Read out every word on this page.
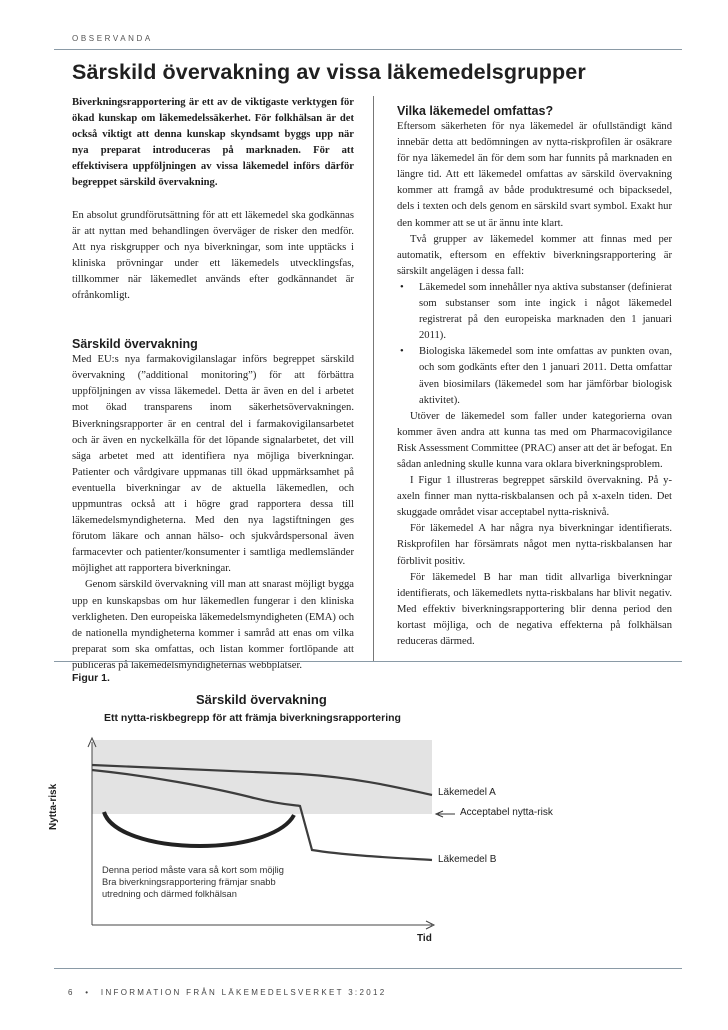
OBSERVANDA
Särskild övervakning av vissa läkemedelsgrupper

Biverkningsrapportering är ett av de viktigaste verktygen för ökad kunskap om läkemedelssäkerhet. För folkhälsan är det också viktigt att denna kunskap skyndsamt byggs upp när nya preparat introduceras på marknaden. För att effektivisera uppföljningen av vissa läkemedel införs därför begreppet särskild övervakning.

En absolut grundförutsättning för att ett läkemedel ska godkännas är att nyttan med behandlingen överväger de risker den medför. Att nya riskgrupper och nya biverkningar, som inte upptäcks i kliniska prövningar under ett läkemedels utvecklingsfas, tillkommer när läkemedlet används efter godkännandet är ofrånkomligt.

Särskild övervakning

Med EU:s nya farmakovigilanslagar införs begreppet särskild övervakning (”additional monitoring”) för att förbättra uppföljningen av vissa läkemedel. Detta är även en del i arbetet mot ökad transparens inom säkerhetsövervakningen. Biverkningsrapporter är en central del i farmakovigilansarbetet och är även en nyckelkälla för det löpande signalarbetet, det vill säga arbetet med att identifiera nya möjliga biverkningar. Patienter och vårdgivare uppmanas till ökad uppmärksamhet på eventuella biverkningar av de aktuella läkemedlen, och uppmuntras också att i högre grad rapportera dessa till läkemedelsmyndigheterna. Med den nya lagstiftningen ges förutom läkare och annan hälso- och sjukvårdspersonal även farmacevter och patienter/konsumenter i samtliga medlemsländer möjlighet att rapportera biverkningar.

Genom särskild övervakning vill man att snarast möjligt bygga upp en kunskapsbas om hur läkemedlen fungerar i den kliniska verkligheten. Den europeiska läkemedelsmyndigheten (EMA) och de nationella myndigheterna kommer i samråd att enas om vilka preparat som ska omfattas, och listan kommer fortlöpande att publiceras på läkemedelsmyndigheternas webbplatser.

Vilka läkemedel omfattas?

Eftersom säkerheten för nya läkemedel är ofullständigt känd innebär detta att bedömningen av nytta-riskprofilen är osäkrare för nya läkemedel än för dem som har funnits på marknaden en längre tid. Att ett läkemedel omfattas av särskild övervakning kommer att framgå av både produktresumé och bipacksedel, dels i texten och dels genom en särskild svart symbol. Exakt hur den kommer att se ut är ännu inte klart.

Två grupper av läkemedel kommer att finnas med per automatik, eftersom en effektiv biverkningsrapportering är särskilt angelägen i dessa fall:

• Läkemedel som innehåller nya aktiva substanser (definierat som substanser som inte ingick i något läkemedel registrerat på den europeiska marknaden den 1 januari 2011).
• Biologiska läkemedel som inte omfattas av punkten ovan, och som godkänts efter den 1 januari 2011. Detta omfattar även biosimilars (läkemedel som har jämförbar biologisk aktivitet).

Utöver de läkemedel som faller under kategorierna ovan kommer även andra att kunna tas med om Pharmacovigilance Risk Assessment Committee (PRAC) anser att det är befogat. En sådan anledning skulle kunna vara oklara biverkningsproblem.

I Figur 1 illustreras begreppet särskild övervakning. På y-axeln finner man nytta-riskbalansen och på x-axeln tiden. Det skuggade området visar acceptabel nytta-risknivå.

För läkemedel A har några nya biverkningar identifierats. Riskprofilen har försämrats något men nytta-riskbalansen har förblivit positiv.

För läkemedel B har man tidit allvarliga biverkningar identifierats, och läkemedlets nytta-riskbalans har blivit negativ. Med effektiv biverkningsrapportering blir denna period den kortast möjliga, och de negativa effekterna på folkhälsan reduceras därmed.

Figur 1.
Särskild övervakning
Ett nytta-riskbegrepp för att främja biverkningsrapportering
Läkemedel A
Acceptabel nytta-risk
Läkemedel B
Nytta-risk
Tid
Denna period måste vara så kort som möjlig
Bra biverkningsrapportering främjar snabb
utredning och därmed folkhälsan
6 • INFORMATION FRÅN LÄKEMEDELSVERKET 3:2012
